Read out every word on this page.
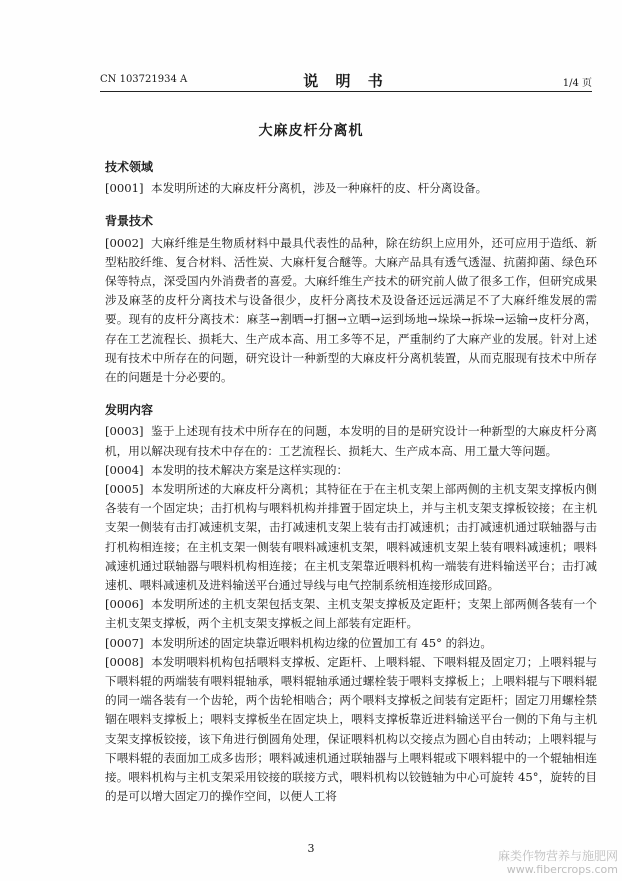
CN 103721934 A	说 明 书	1/4 页
大麻皮杆分离机
技术领域
[0001] 本发明所述的大麻皮杆分离机，涉及一种麻杆的皮、杆分离设备。
背景技术
[0002] 大麻纤维是生物质材料中最具代表性的品种，除在纺织上应用外，还可应用于造纸、新型粘胶纤维、复合材料、活性炭、大麻杆复合醚等。大麻产品具有透气透湿、抗菌抑菌、绿色环保等特点，深受国内外消费者的喜爱。大麻纤维生产技术的研究前人做了很多工作，但研究成果涉及麻茎的皮杆分离技术与设备很少，皮杆分离技术及设备还远远满足不了大麻纤维发展的需要。现有的皮杆分离技术：麻茎→割晒→打捆→立晒→运到场地→垛垛→拆垛→运输→皮杆分离，存在工艺流程长、损耗大、生产成本高、用工多等不足，严重制约了大麻产业的发展。针对上述现有技术中所存在的问题，研究设计一种新型的大麻皮杆分离机装置，从而克服现有技术中所存在的问题是十分必要的。
发明内容
[0003] 鉴于上述现有技术中所存在的问题，本发明的目的是研究设计一种新型的大麻皮杆分离机，用以解决现有技术中存在的：工艺流程长、损耗大、生产成本高、用工量大等问题。
[0004] 本发明的技术解决方案是这样实现的：
[0005] 本发明所述的大麻皮杆分离机；其特征在于在主机支架上部两侧的主机支架支撑板内侧各装有一个固定块；击打机构与喂料机构并排置于固定块上，并与主机支架支撑板铰接；在主机支架一侧装有击打减速机支架，击打减速机支架上装有击打减速机；击打减速机通过联轴器与击打机构相连接；在主机支架一侧装有喂料减速机支架，喂料减速机支架上装有喂料减速机；喂料减速机通过联轴器与喂料机构相连接；在主机支架靠近喂料机构一端装有进料输送平台；击打减速机、喂料减速机及进料输送平台通过导线与电气控制系统相连接形成回路。
[0006] 本发明所述的主机支架包括支架、主机支架支撑板及定距杆；支架上部两侧各装有一个主机支架支撑板，两个主机支架支撑板之间上部装有定距杆。
[0007] 本发明所述的固定块靠近喂料机构边缘的位置加工有 45° 的斜边。
[0008] 本发明喂料机构包括喂料支撑板、定距杆、上喂料辊、下喂料辊及固定刀；上喂料辊与下喂料辊的两端装有喂料辊轴承，喂料辊轴承通过螺栓装于喂料支撑板上；上喂料辊与下喂料辊的同一端各装有一个齿轮，两个齿轮相啮合；两个喂料支撑板之间装有定距杆；固定刀用螺栓禁锢在喂料支撑板上；喂料支撑板坐在固定块上，喂料支撑板靠近进料输送平台一侧的下角与主机支架支撑板铰接，该下角进行倒圆角处理，保证喂料机构以交接点为圆心自由转动；上喂料辊与下喂料辊的表面加工成多齿形；喂料减速机通过联轴器与上喂料辊或下喂料辊中的一个辊轴相连接。喂料机构与主机支架采用铰接的联接方式，喂料机构以铰链轴为中心可旋转 45°，旋转的目的是可以增大固定刀的操作空间，以便人工将
3
麻类作物营养与施肥网
www.fibercrops.com
